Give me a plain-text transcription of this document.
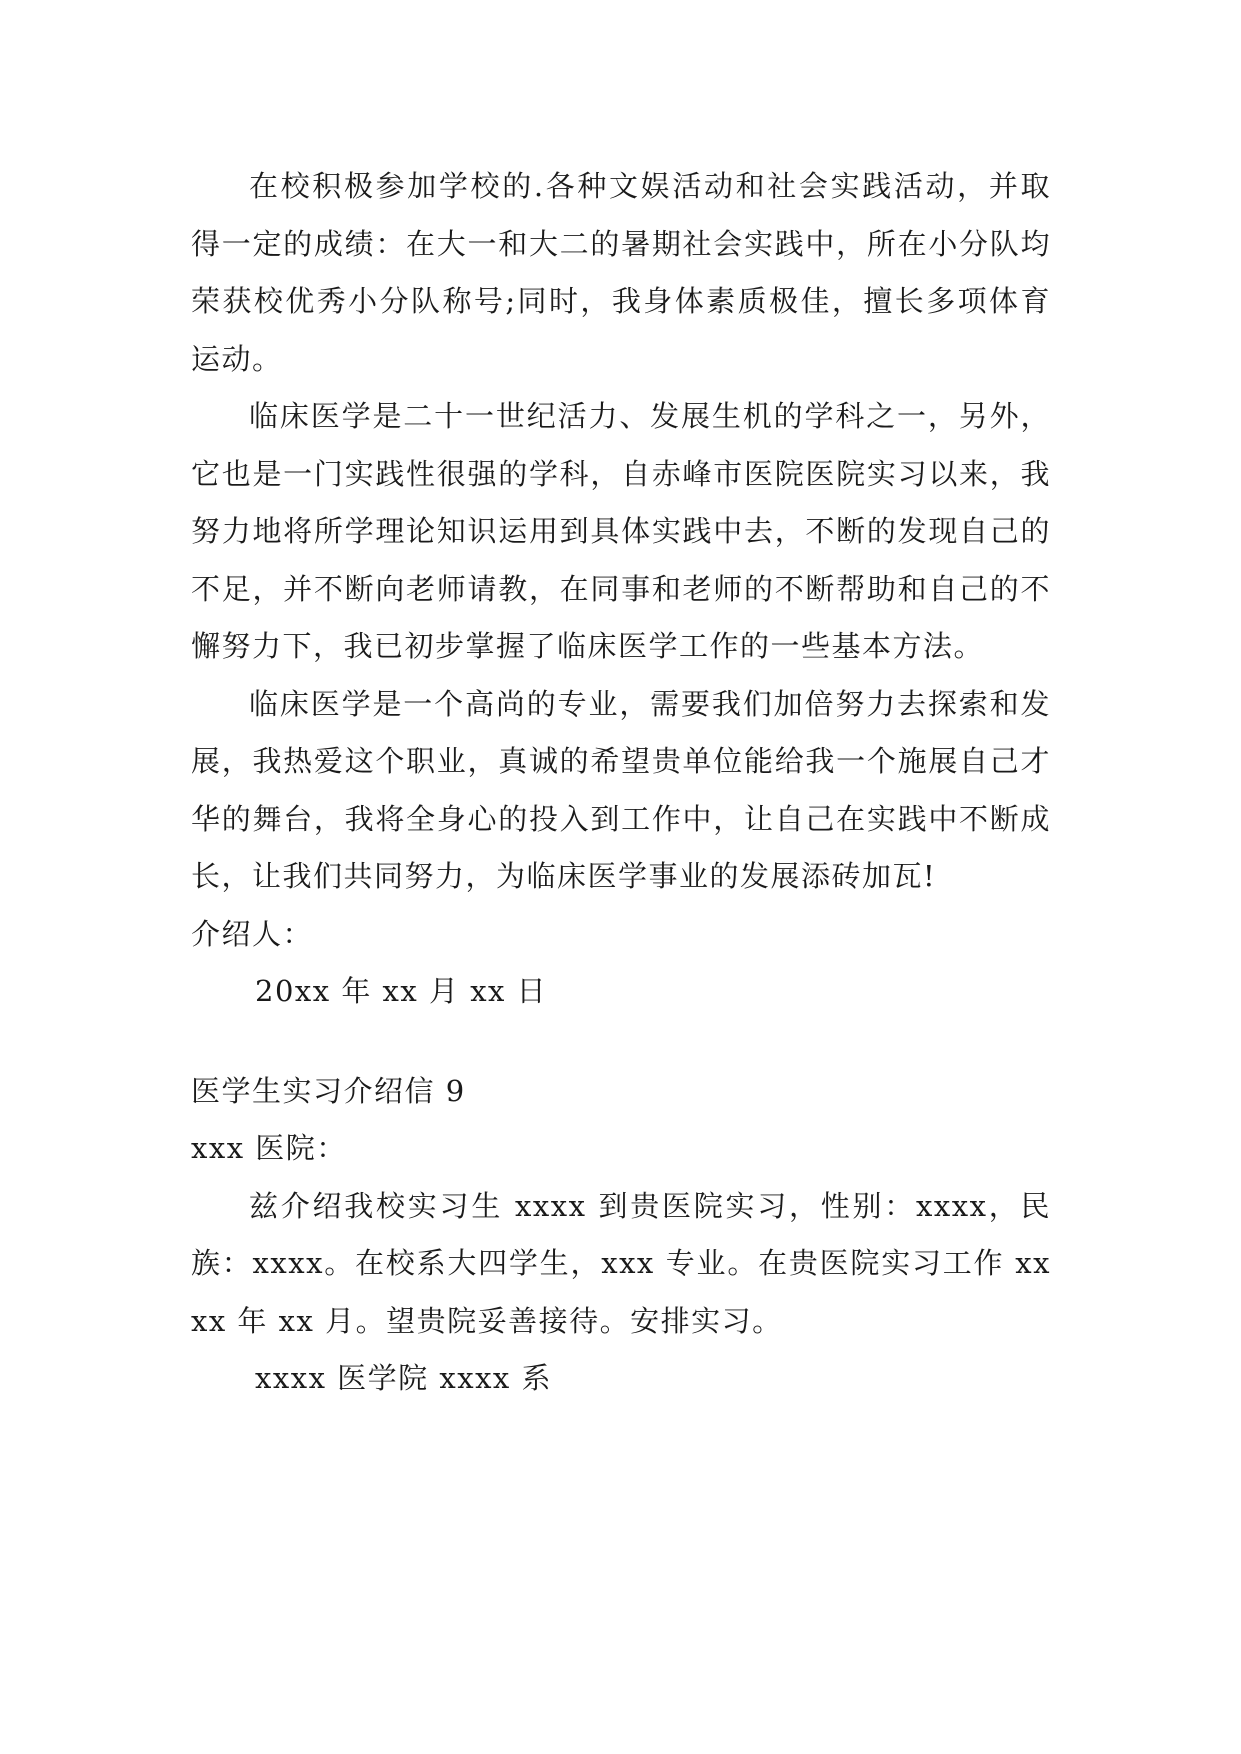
在校积极参加学校的.各种文娱活动和社会实践活动，并取得一定的成绩：在大一和大二的暑期社会实践中，所在小分队均荣获校优秀小分队称号;同时，我身体素质极佳，擅长多项体育运动。

临床医学是二十一世纪活力、发展生机的学科之一，另外，它也是一门实践性很强的学科，自赤峰市医院医院实习以来，我努力地将所学理论知识运用到具体实践中去，不断的发现自己的不足，并不断向老师请教，在同事和老师的不断帮助和自己的不懈努力下，我已初步掌握了临床医学工作的一些基本方法。

临床医学是一个高尚的专业，需要我们加倍努力去探索和发展，我热爱这个职业，真诚的希望贵单位能给我一个施展自己才华的舞台，我将全身心的投入到工作中，让自己在实践中不断成长，让我们共同努力，为临床医学事业的发展添砖加瓦!

介绍人：

20xx 年 xx 月 xx 日

医学生实习介绍信 9

xxx 医院：

兹介绍我校实习生 xxxx 到贵医院实习，性别：xxxx，民族：xxxx。在校系大四学生，xxx 专业。在贵医院实习工作 xxxx 年 xx 月。望贵院妥善接待。安排实习。

xxxx 医学院 xxxx 系
